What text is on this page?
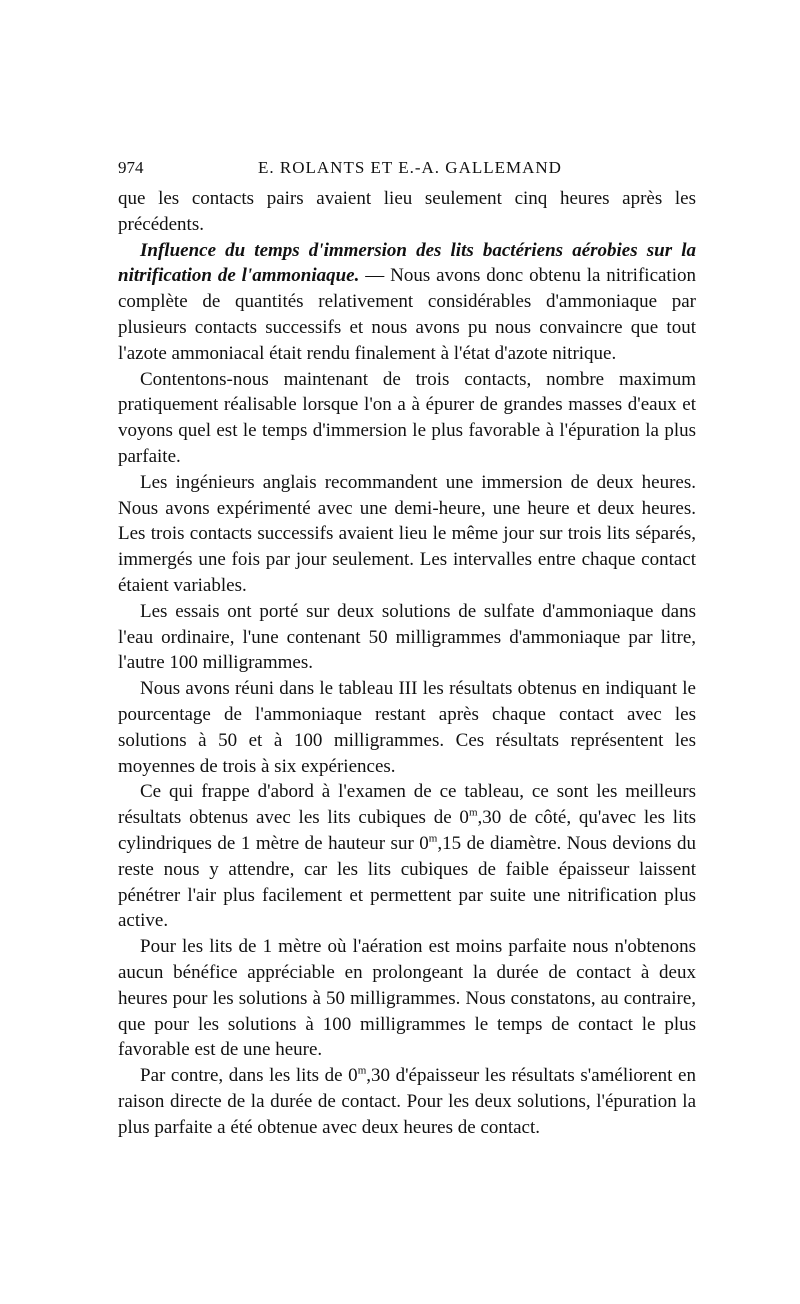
974	E. ROLANTS ET E.-A. GALLEMAND

que les contacts pairs avaient lieu seulement cinq heures après les précédents.

Influence du temps d'immersion des lits bactériens aérobies sur la nitrification de l'ammoniaque. — Nous avons donc obtenu la nitrification complète de quantités relativement considérables d'ammoniaque par plusieurs contacts successifs et nous avons pu nous convaincre que tout l'azote ammoniacal était rendu finalement à l'état d'azote nitrique.

Contentons-nous maintenant de trois contacts, nombre maximum pratiquement réalisable lorsque l'on a à épurer de grandes masses d'eaux et voyons quel est le temps d'immersion le plus favorable à l'épuration la plus parfaite.

Les ingénieurs anglais recommandent une immersion de deux heures. Nous avons expérimenté avec une demi-heure, une heure et deux heures. Les trois contacts successifs avaient lieu le même jour sur trois lits séparés, immergés une fois par jour seulement. Les intervalles entre chaque contact étaient variables.

Les essais ont porté sur deux solutions de sulfate d'ammoniaque dans l'eau ordinaire, l'une contenant 50 milligrammes d'ammoniaque par litre, l'autre 100 milligrammes.

Nous avons réuni dans le tableau III les résultats obtenus en indiquant le pourcentage de l'ammoniaque restant après chaque contact avec les solutions à 50 et à 100 milligrammes. Ces résultats représentent les moyennes de trois à six expériences.

Ce qui frappe d'abord à l'examen de ce tableau, ce sont les meilleurs résultats obtenus avec les lits cubiques de 0$^m$,30 de côté, qu'avec les lits cylindriques de 1 mètre de hauteur sur 0$^m$,15 de diamètre. Nous devions du reste nous y attendre, car les lits cubiques de faible épaisseur laissent pénétrer l'air plus facilement et permettent par suite une nitrification plus active.

Pour les lits de 1 mètre où l'aération est moins parfaite nous n'obtenons aucun bénéfice appréciable en prolongeant la durée de contact à deux heures pour les solutions à 50 milligrammes. Nous constatons, au contraire, que pour les solutions à 100 milligrammes le temps de contact le plus favorable est de une heure.

Par contre, dans les lits de 0$^m$,30 d'épaisseur les résultats s'améliorent en raison directe de la durée de contact. Pour les deux solutions, l'épuration la plus parfaite a été obtenue avec deux heures de contact.
